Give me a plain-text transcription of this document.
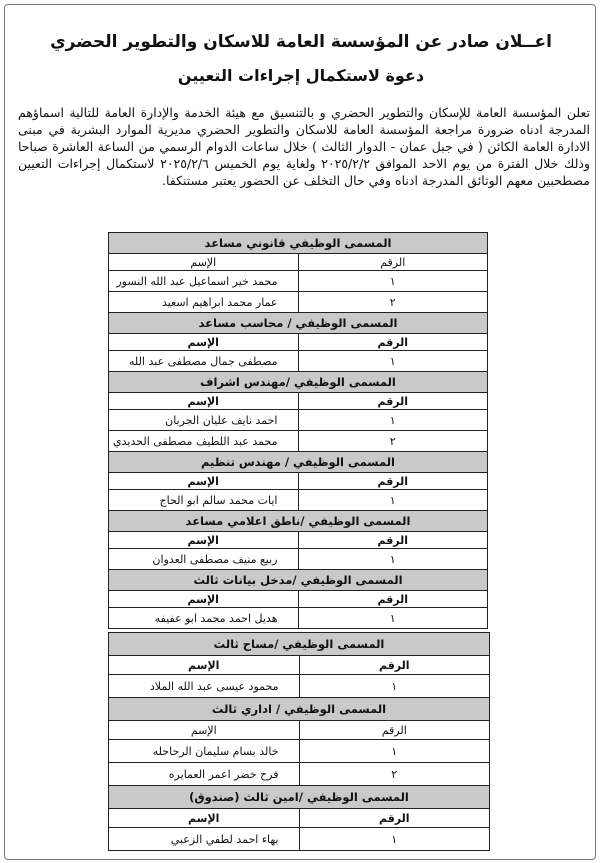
اعــلان صادر عن المؤسسة العامة للاسكان والتطوير الحضري
دعوة لاستكمال إجراءات التعيين

تعلن المؤسسة العامة للإسكان والتطوير الحضري و بالتنسيق مع هيئة الخدمة والإدارة العامة للتالية اسماؤهم المدرجة ادناه ضرورة مراجعة المؤسسة العامة للاسكان والتطوير الحضري مديرية الموارد البشرية في مبنى الادارة العامة الكائن ( في جبل عمان - الدوار الثالث ) خلال ساعات الدوام الرسمي من الساعة العاشرة صباحا وذلك خلال الفترة من يوم الاحد الموافق ٢٠٢٥/٢/٢ ولغاية يوم الخميس ٢٠٢٥/٢/٦ لاستكمال إجراءات التعيين مصطحبين معهم الوثائق المدرجة ادناه وفي حال التخلف عن الحضور يعتبر مستنكفا.

المسمى الوظيفي قانوني مساعد	
الرقم	الإسم
١	محمد خير اسماعيل عبد الله النسور
٢	عمار محمد ابراهيم اسعيد
المسمى الوظيفي / محاسب مساعد	
الرقم	الإسم
١	مصطفى جمال مصطفى عبد الله
المسمى الوظيفي /مهندس اشراف	
الرقم	الإسم
١	احمد نايف عليان الجربان
٢	محمد عبد اللطيف مصطفى الحديدي
المسمى الوظيفي / مهندس تنظيم	
الرقم	الإسم
١	ايات محمد سالم ابو الحاج
المسمى الوظيفي /ناطق اعلامي مساعد	
الرقم	الإسم
١	ربيع منيف مصطفى العدوان
المسمى الوظيفي /مدخل بيانات ثالث	
الرقم	الإسم
١	هديل احمد محمد ابو عفيفه
المسمى الوظيفي /مساح ثالث	
الرقم	الإسم
١	محمود عيسى عبد الله الملاد
المسمى الوظيفي / اداري ثالث	
الرقم	الإسم
١	خالد بسام سليمان الرحاحله
٢	فرح خضر اعمر العمايره
المسمى الوظيفي /امين ثالث (صندوق)	
الرقم	الإسم
١	بهاء احمد لطفي الزعبي
